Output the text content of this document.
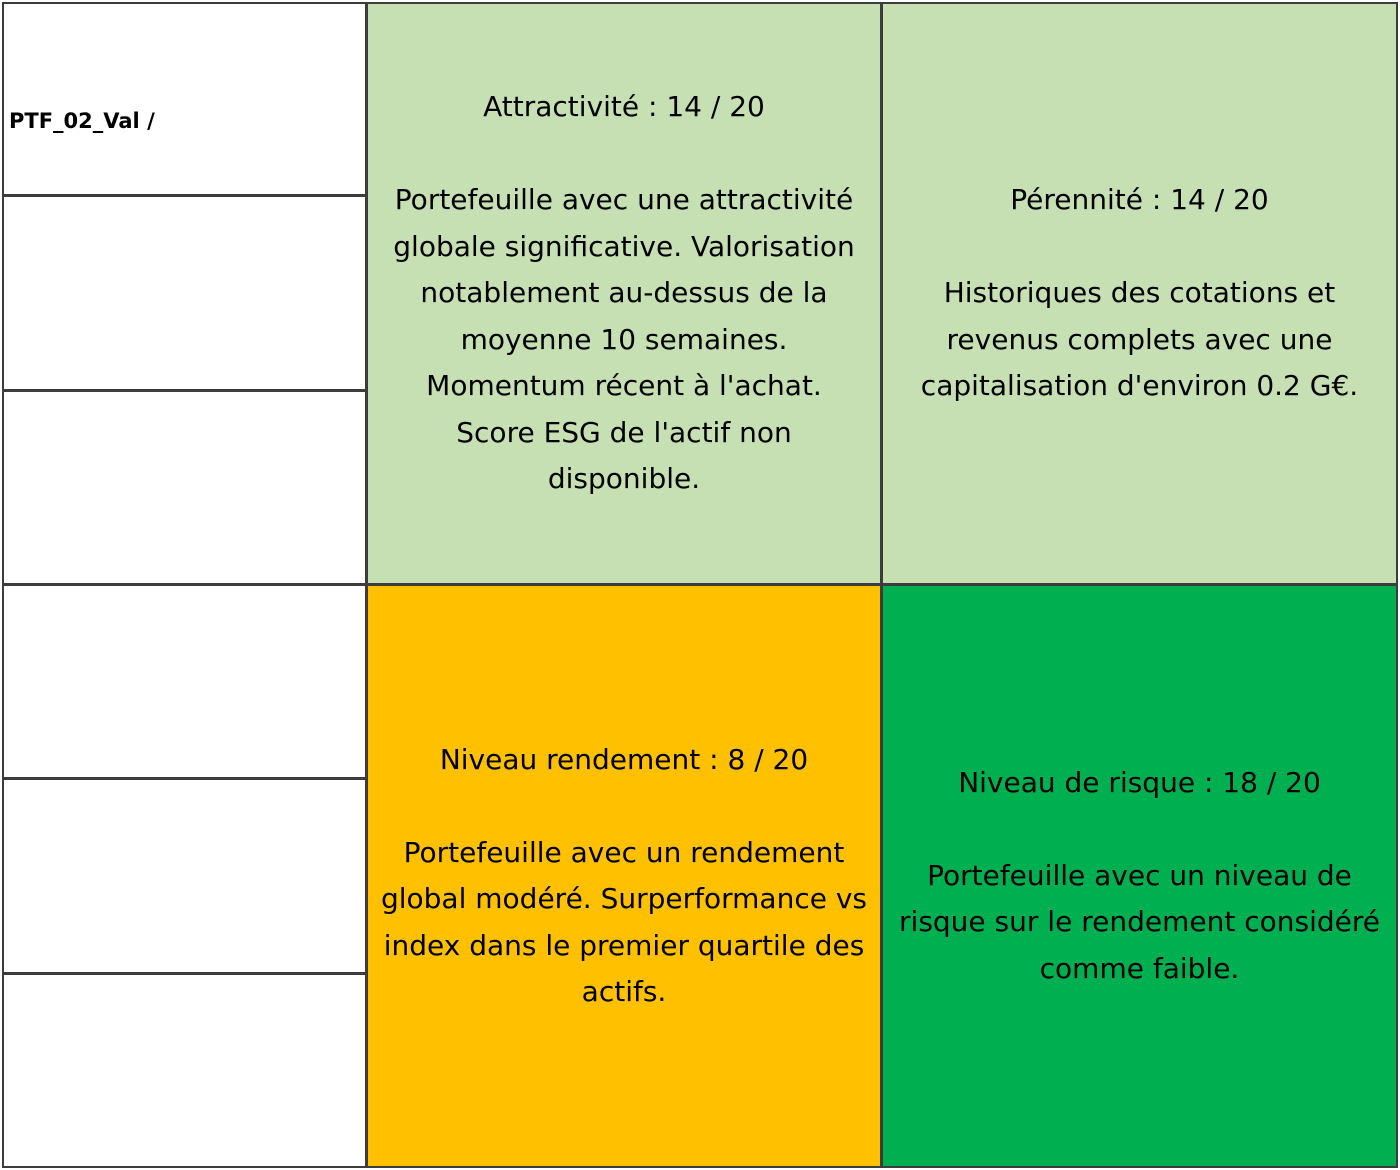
PTF_02_Val /

	Attractivité : 14 / 20
Portefeuille avec une attractivité globale significative. Valorisation notablement au-dessus de la moyenne 10 semaines. Momentum récent à l'achat. Score ESG de l'actif non disponible.
Pérennité : 14 / 20
Historiques des cotations et revenus complets avec une capitalisation d'environ 0.2 G€.
Niveau rendement : 8 / 20
Portefeuille avec un rendement global modéré. Surperformance vs index dans le premier quartile des actifs.
Niveau de risque : 18 / 20
Portefeuille avec un niveau de risque sur le rendement considéré comme faible.
